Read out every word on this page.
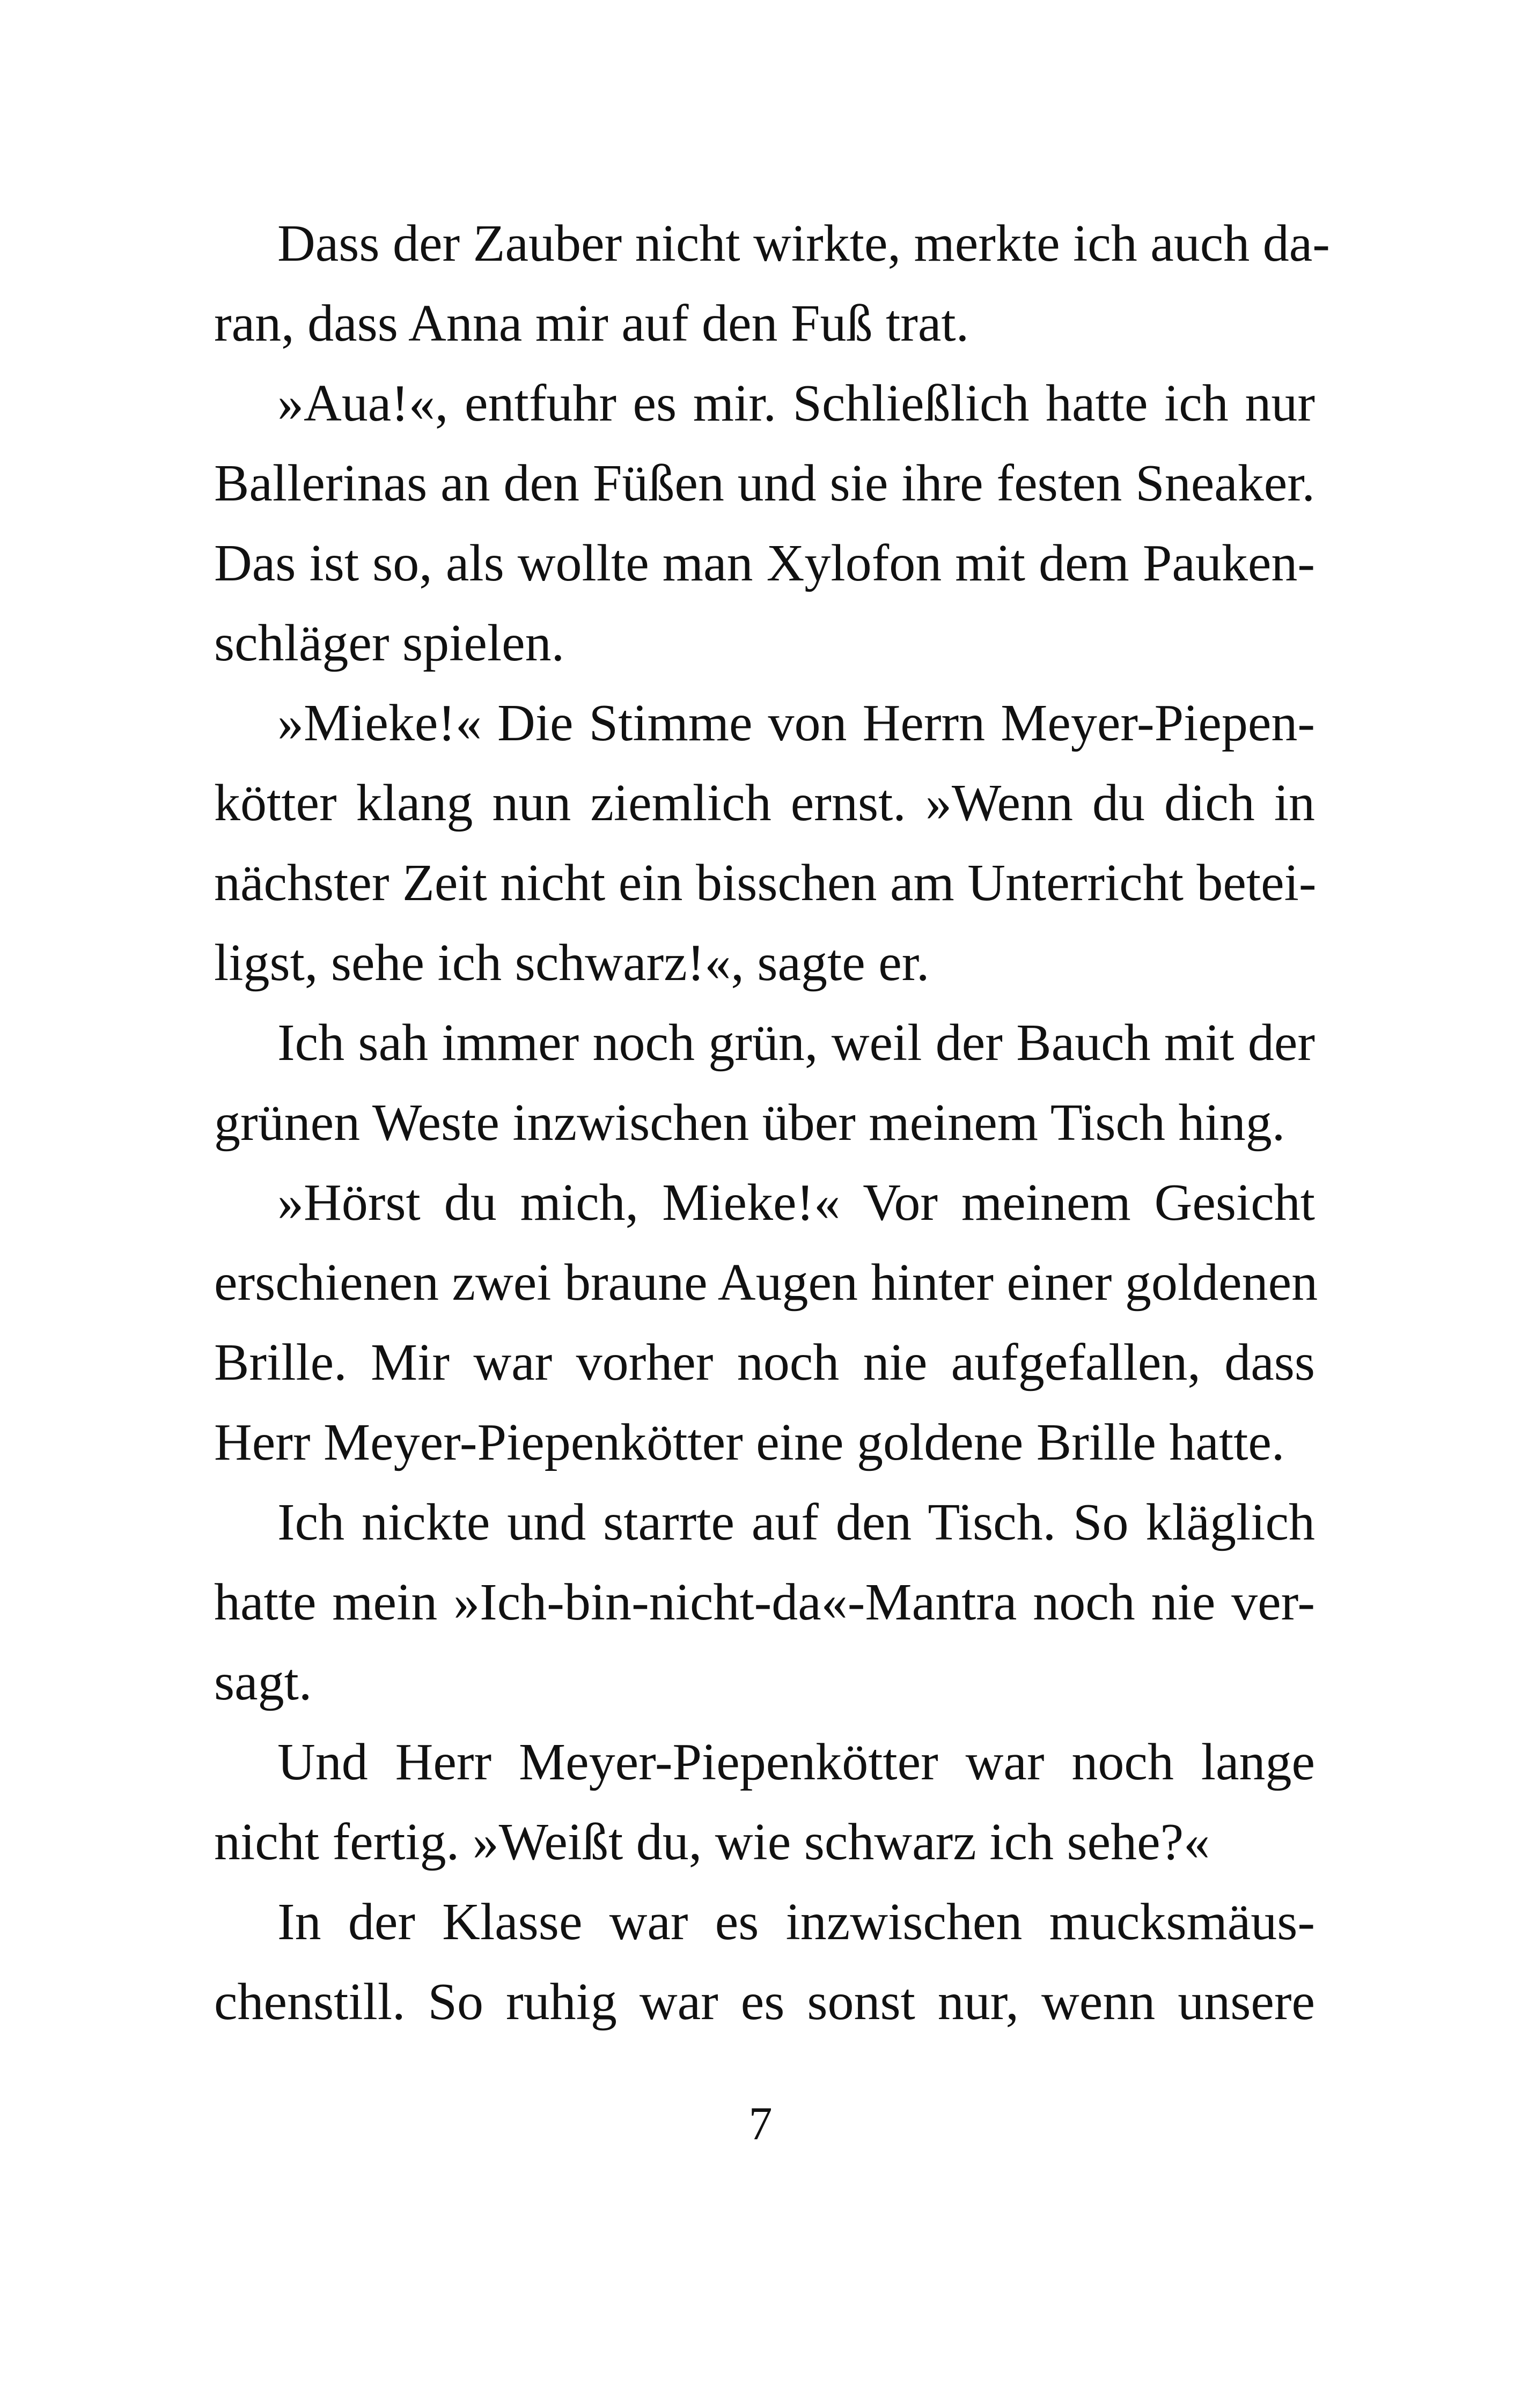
Dass der Zauber nicht wirkte, merkte ich auch da-
ran, dass Anna mir auf den Fuß trat.
»Aua!«, entfuhr es mir. Schließlich hatte ich nur
Ballerinas an den Füßen und sie ihre festen Sneaker.
Das ist so, als wollte man Xylofon mit dem Pauken-
schläger spielen.
»Mieke!« Die Stimme von Herrn Meyer-Piepen-
kötter klang nun ziemlich ernst. »Wenn du dich in
nächster Zeit nicht ein bisschen am Unterricht betei-
ligst, sehe ich schwarz!«, sagte er.
Ich sah immer noch grün, weil der Bauch mit der
grünen Weste inzwischen über meinem Tisch hing.
»Hörst du mich, Mieke!« Vor meinem Gesicht
erschienen zwei braune Augen hinter einer goldenen
Brille. Mir war vorher noch nie aufgefallen, dass
Herr Meyer-Piepenkötter eine goldene Brille hatte.
Ich nickte und starrte auf den Tisch. So kläglich
hatte mein »Ich-bin-nicht-da«-Mantra noch nie ver-
sagt.
Und Herr Meyer-Piepenkötter war noch lange
nicht fertig. »Weißt du, wie schwarz ich sehe?«
In der Klasse war es inzwischen mucksmäus-
chenstill. So ruhig war es sonst nur, wenn unsere
7
